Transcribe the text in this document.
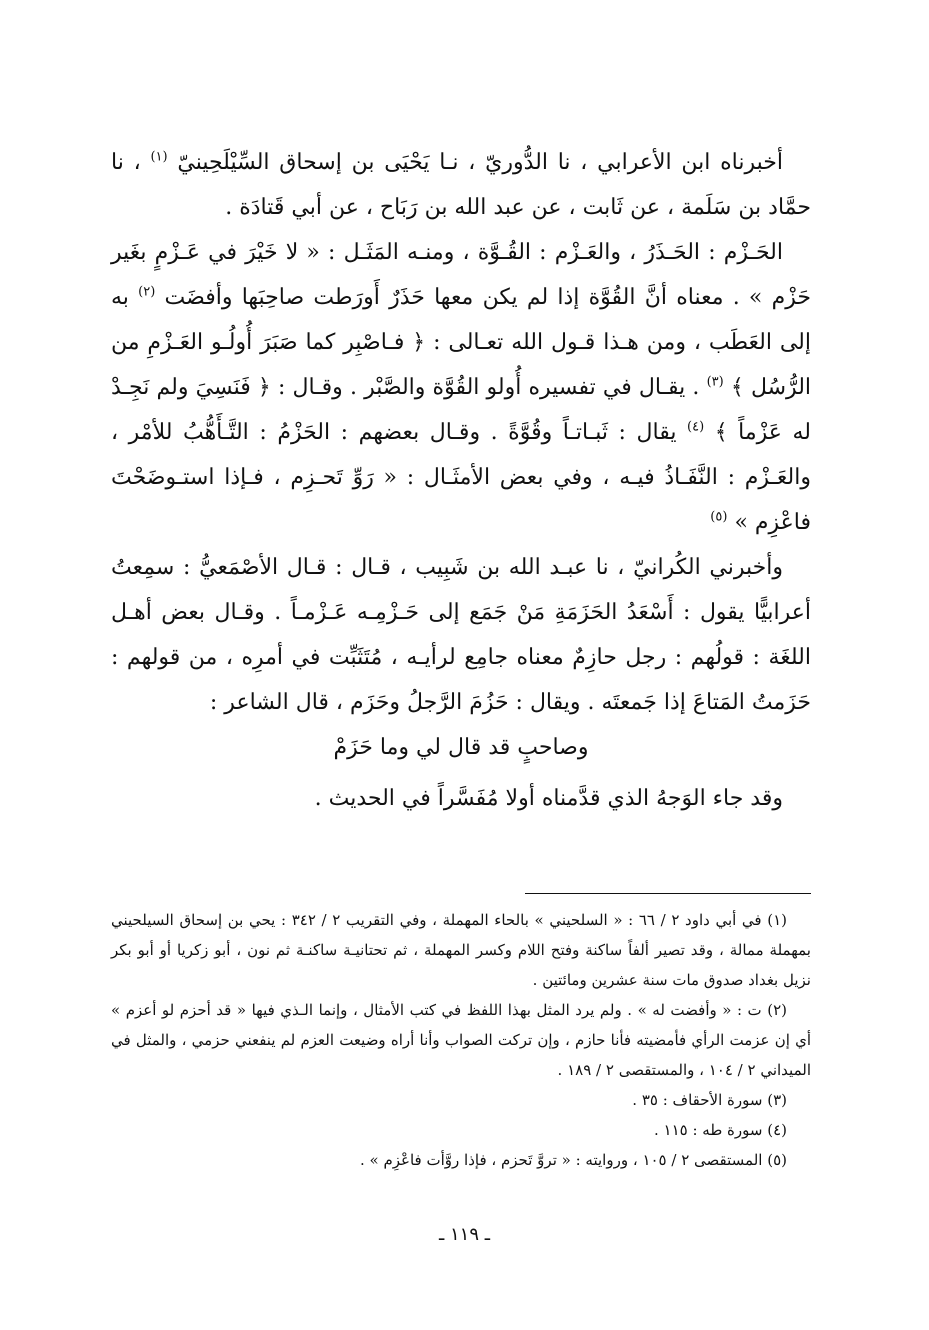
أخبرناه ابن الأعرابي ، نا الدُّوريّ ، نـا يَحْيَى بن إسحاق السِّيْلَحِينيّ $^{(١)}$ ، نا حمَّاد بن سَلَمة ، عن ثَابت ، عن عبد الله بن رَبَاح ، عن أبي قَتادَة .

الحَـزْم : الحَـذَرُ ، والعَـزْم : القُـوَّة ، ومنـه المَثَـل : « لا خَيْرَ في عَـزْمٍ بغَير حَزْم » . معناه أنَّ القُوَّة إذا لم يكن معها حَذَرٌ أَورَطت صاحِبَها وأفضَت $^{(٢)}$ به إلى العَطَب ، ومن هـذا قـول الله تعـالى : ﴿ فـاصْبِر كما صَبَرَ أُولُـو العَـزْمِ من الرُّسُل ﴾ $^{(٣)}$ . يقـال في تفسيره أُولو القُوَّة والصَّبْر . وقـال : ﴿ فَنَسِيَ ولم نَجِـدْ له عَزْماً ﴾ $^{(٤)}$ يقال : ثَبـاتـاً وقُوَّةً . وقـال بعضهم : الحَزْمُ : التَّـأَهُّبُ للأمْر ، والعَـزْم : النَّفَـاذُ فيـه ، وفي بعض الأمثَـال : « رَوِّ تَحـزِم ، فـإذا استـوضَحْتَ فاعْزِم » $^{(٥)}$

وأخبرني الكُرانيّ ، نا عبـد الله بن شَبِيب ، قـال : قـال الأصْمَعيُّ : سمِعتُ أعرابيًّا يقول : أَسْعَدُ الحَزَمَةِ مَنْ جَمَع إلى حَـزْمِـه عَـزْمـاً . وقـال بعض أهـل اللغَة : قولُهم : رجل حازِمٌ معناه جامِع لرأيـه ، مُتَثَبِّت في أمرِه ، من قولهم : حَزَمتُ المَتاعَ إذا جَمعتَه . ويقال : حَزُمَ الرَّجلُ وحَزَم ، قال الشاعر :

وصاحبٍ قد قال لي وما حَزَمْ

وقد جاء الوَجهُ الذي قدَّمناه أولا مُفَسَّراً في الحديث .

(١) في أبي داود ٢ / ٦٦ : « السلحيني » بالحاء المهملة ، وفي التقريب ٢ / ٣٤٢ : يحي بن إسحاق السيلحيني بمهملة ممالة ، وقد تصير ألفاً ساكنة وفتح اللام وكسر المهملة ، ثم تحتانيـة ساكنـة ثم نون ، أبو زكريا أو أبو بكر نزيل بغداد صدوق مات سنة عشرين ومائتين .

(٢) ت : « وأفضت له » . ولم يرد المثل بهذا اللفظ في كتب الأمثال ، وإنما الـذي فيها « قد أحزم لو أعزم » أي إن عزمت الرأي فأمضيته فأنا حازم ، وإن تركت الصواب وأنا أراه وضيعت العزم لم ينفعني حزمي ، والمثل في الميداني ٢ / ١٠٤ ، والمستقصى ٢ / ١٨٩ .

(٣) سورة الأحقاف : ٣٥ .

(٤) سورة طه : ١١٥ .

(٥) المستقصى ٢ / ١٠٥ ، وروايته : « تروَّ تَحزم ، فإذا روَّأت فاعْزِم » .

ـ ١١٩ ـ
